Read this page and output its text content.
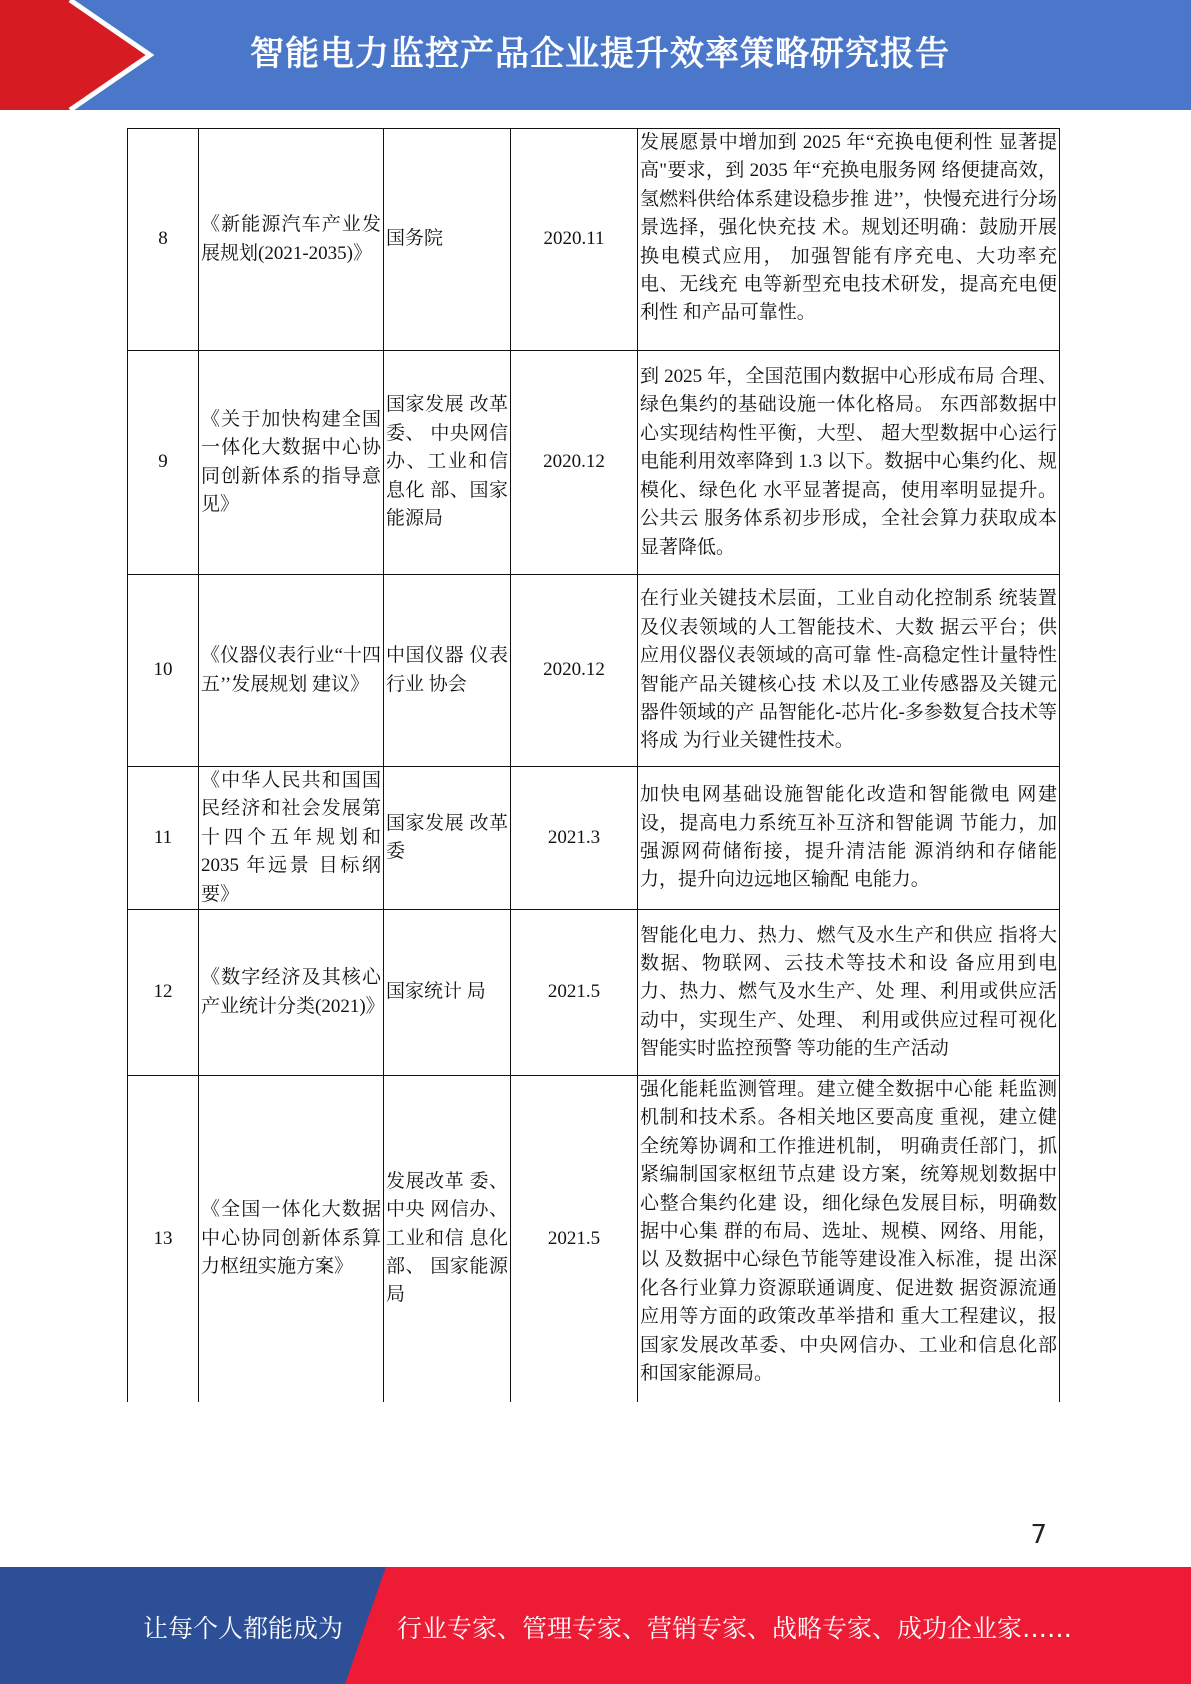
智能电力监控产品企业提升效率策略研究报告
8	《新能源汽车产业发展规划(2021-2035)》	国务院	2020.11	发展愿景中增加到 2025 年“充换电便利性 显著提高"要求，到 2035 年“充换电服务网 络便捷高效，氢燃料供给体系建设稳步推 进’’，快慢充进行分场景选择，强化快充技 术。规划还明确：鼓励开展换电模式应用， 加强智能有序充电、大功率充电、无线充 电等新型充电技术研发，提高充电便利性 和产品可靠性。
9	《关于加快构建全国一体化大数据中心协同创新体系的指导意见》	国家发展 改革委、 中央网信 办、工业和信息化 部、国家 能源局	2020.12	到 2025 年，全国范围内数据中心形成布局 合理、绿色集约的基础设施一体化格局。 东西部数据中心实现结构性平衡，大型、 超大型数据中心运行电能利用效率降到 1.3 以下。数据中心集约化、规模化、绿色化 水平显著提高，使用率明显提升。公共云 服务体系初步形成，全社会算力获取成本 显著降低。
10	《仪器仪表行业“十四五’’发展规划 建议》	中国仪器 仪表行业 协会	2020.12	在行业关键技术层面，工业自动化控制系 统装置及仪表领域的人工智能技术、大数 据云平台；供应用仪器仪表领域的高可靠 性-高稳定性计量特性智能产品关键核心技 术以及工业传感器及关键元器件领域的产 品智能化-芯片化-多参数复合技术等将成 为行业关键性技术。
11	《中华人民共和国国民经济和社会发展第十四个五年规划和 2035 年远景 目标纲要》	国家发展 改革委	2021.3	加快电网基础设施智能化改造和智能微电 网建设，提高电力系统互补互济和智能调 节能力，加强源网荷储衔接，提升清洁能 源消纳和存储能力，提升向边远地区输配 电能力。
12	《数字经济及其核心产业统计分类(2021)》	国家统计 局	2021.5	智能化电力、热力、燃气及水生产和供应 指将大数据、物联网、云技术等技术和设 备应用到电力、热力、燃气及水生产、处 理、利用或供应活动中，实现生产、处理、 利用或供应过程可视化智能实时监控预警 等功能的生产活动
13	《全国一体化大数据中心协同创新体系算力枢纽实施方案》	发展改革 委、中央 网信办、工业和信 息化部、 国家能源 局	2021.5	强化能耗监测管理。建立健全数据中心能 耗监测机制和技术系。各相关地区要高度 重视，建立健全统筹协调和工作推进机制， 明确责任部门，抓紧编制国家枢纽节点建 设方案，统筹规划数据中心整合集约化建 设，细化绿色发展目标，明确数据中心集 群的布局、选址、规模、网络、用能，以 及数据中心绿色节能等建设准入标准，提 出深化各行业算力资源联通调度、促进数 据资源流通应用等方面的政策改革举措和 重大工程建议，报国家发展改革委、中央网信办、工业和信息化部和国家能源局。
7
让每个人都能成为 行业专家、管理专家、营销专家、战略专家、成功企业家……
